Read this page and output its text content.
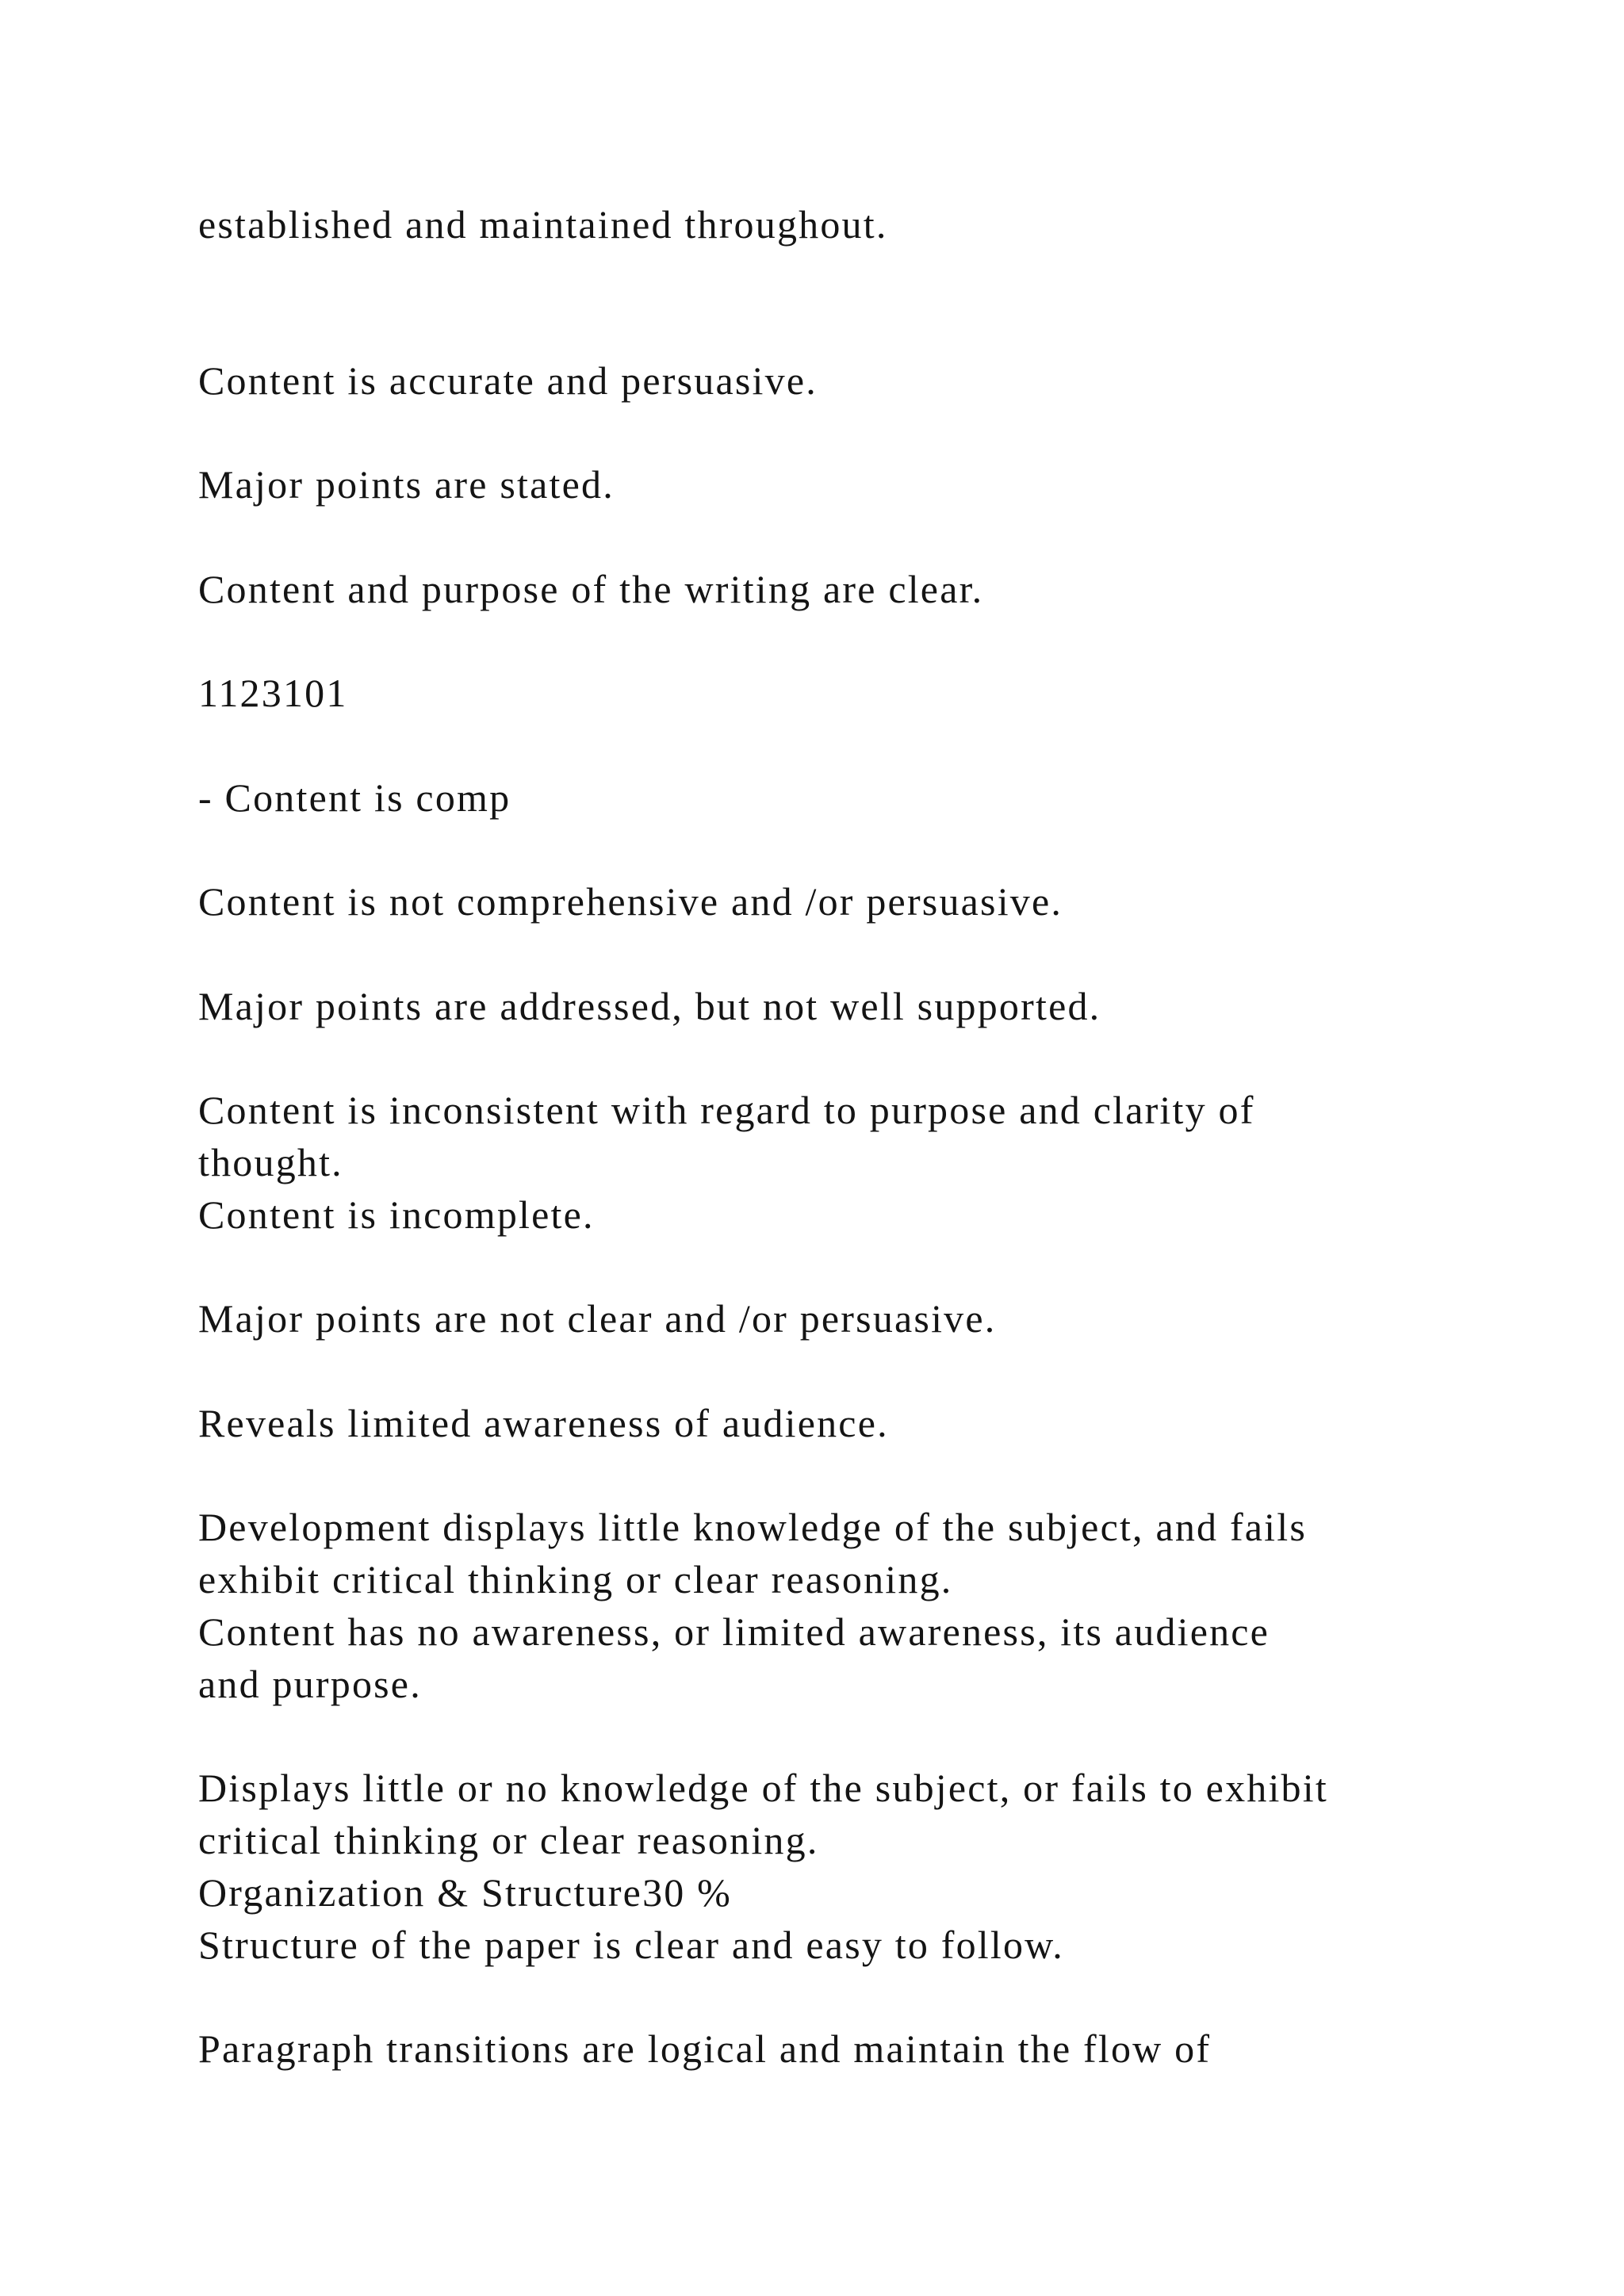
established and maintained throughout.

Content is accurate and persuasive.

Major points are stated.

Content and purpose of the writing are clear.

1123101

- Content is comp

Content is not comprehensive and /or persuasive.

Major points are addressed, but not well supported.

Content is inconsistent with regard to purpose and clarity of

thought.

Content is incomplete.

Major points are not clear and /or persuasive.

Reveals limited awareness of audience.

Development displays little knowledge of the subject, and fails

exhibit critical thinking or clear reasoning.

Content has no awareness, or limited awareness, its audience

and purpose.

Displays little or no knowledge of the subject, or fails to exhibit

critical thinking or clear reasoning.

Organization & Structure30 %

Structure of the paper is clear and easy to follow.

Paragraph transitions are logical and maintain the flow of
